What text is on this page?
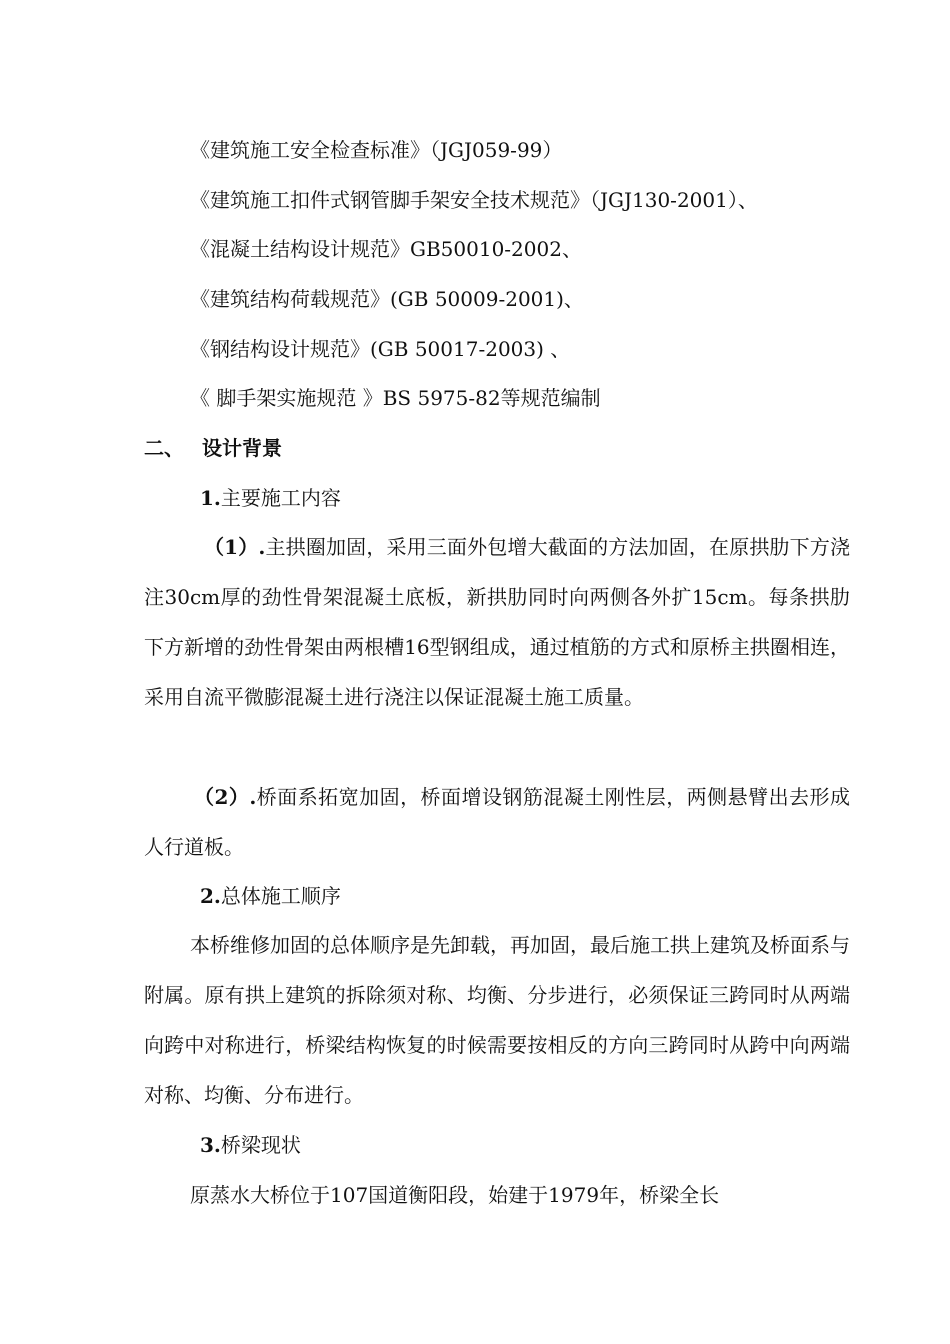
《建筑施工安全检查标准》（JGJ059-99）
《建筑施工扣件式钢管脚手架安全技术规范》（JGJ130-2001）、
《混凝土结构设计规范》GB50010-2002、
《建筑结构荷载规范》(GB 50009-2001)、
《钢结构设计规范》(GB 50017-2003) 、
《 脚手架实施规范 》BS 5975-82等规范编制
二、 设计背景
1.主要施工内容
（1）.主拱圈加固，采用三面外包增大截面的方法加固，在原拱肋下方浇注30cm厚的劲性骨架混凝土底板，新拱肋同时向两侧各外扩15cm。每条拱肋下方新增的劲性骨架由两根槽16型钢组成，通过植筋的方式和原桥主拱圈相连，采用自流平微膨混凝土进行浇注以保证混凝土施工质量。
（2）.桥面系拓宽加固，桥面增设钢筋混凝土刚性层，两侧悬臂出去形成人行道板。
2.总体施工顺序
本桥维修加固的总体顺序是先卸载，再加固，最后施工拱上建筑及桥面系与附属。原有拱上建筑的拆除须对称、均衡、分步进行，必须保证三跨同时从两端向跨中对称进行，桥梁结构恢复的时候需要按相反的方向三跨同时从跨中向两端对称、均衡、分布进行。
3.桥梁现状
原蒸水大桥位于107国道衡阳段，始建于1979年，桥梁全长
